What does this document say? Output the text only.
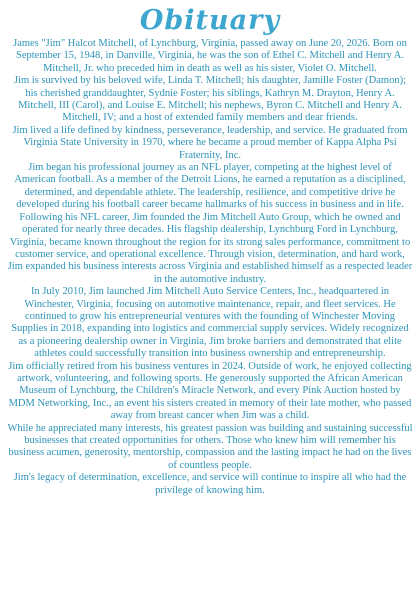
Obituary

James "Jim" Halcot Mitchell, of Lynchburg, Virginia, passed away on June 20, 2026. Born on September 15, 1948, in Danville, Virginia, he was the son of Ethel C. Mitchell and Henry A. Mitchell, Jr. who preceded him in death as well as his sister, Violet O. Mitchell.

Jim is survived by his beloved wife, Linda T. Mitchell; his daughter, Jamille Foster (Damon); his cherished granddaughter, Sydnie Foster; his siblings, Kathryn M. Drayton, Henry A. Mitchell, III (Carol), and Louise E. Mitchell; his nephews, Byron C. Mitchell and Henry A. Mitchell, IV; and a host of extended family members and dear friends.

Jim lived a life defined by kindness, perseverance, leadership, and service. He graduated from Virginia State University in 1970, where he became a proud member of Kappa Alpha Psi Fraternity, Inc.

Jim began his professional journey as an NFL player, competing at the highest level of American football. As a member of the Detroit Lions, he earned a reputation as a disciplined, determined, and dependable athlete. The leadership, resilience, and competitive drive he developed during his football career became hallmarks of his success in business and in life.

Following his NFL career, Jim founded the Jim Mitchell Auto Group, which he owned and operated for nearly three decades. His flagship dealership, Lynchburg Ford in Lynchburg, Virginia, became known throughout the region for its strong sales performance, commitment to customer service, and operational excellence. Through vision, determination, and hard work, Jim expanded his business interests across Virginia and established himself as a respected leader in the automotive industry.

In July 2010, Jim launched Jim Mitchell Auto Service Centers, Inc., headquartered in Winchester, Virginia, focusing on automotive maintenance, repair, and fleet services. He continued to grow his entrepreneurial ventures with the founding of Winchester Moving Supplies in 2018, expanding into logistics and commercial supply services. Widely recognized as a pioneering dealership owner in Virginia, Jim broke barriers and demonstrated that elite athletes could successfully transition into business ownership and entrepreneurship.

Jim officially retired from his business ventures in 2024. Outside of work, he enjoyed collecting artwork, volunteering, and following sports. He generously supported the African American Museum of Lynchburg, the Children's Miracle Network, and every Pink Auction hosted by MDM Networking, Inc., an event his sisters created in memory of their late mother, who passed away from breast cancer when Jim was a child.

While he appreciated many interests, his greatest passion was building and sustaining successful businesses that created opportunities for others. Those who knew him will remember his business acumen, generosity, mentorship, compassion and the lasting impact he had on the lives of countless people.

Jim's legacy of determination, excellence, and service will continue to inspire all who had the privilege of knowing him.
